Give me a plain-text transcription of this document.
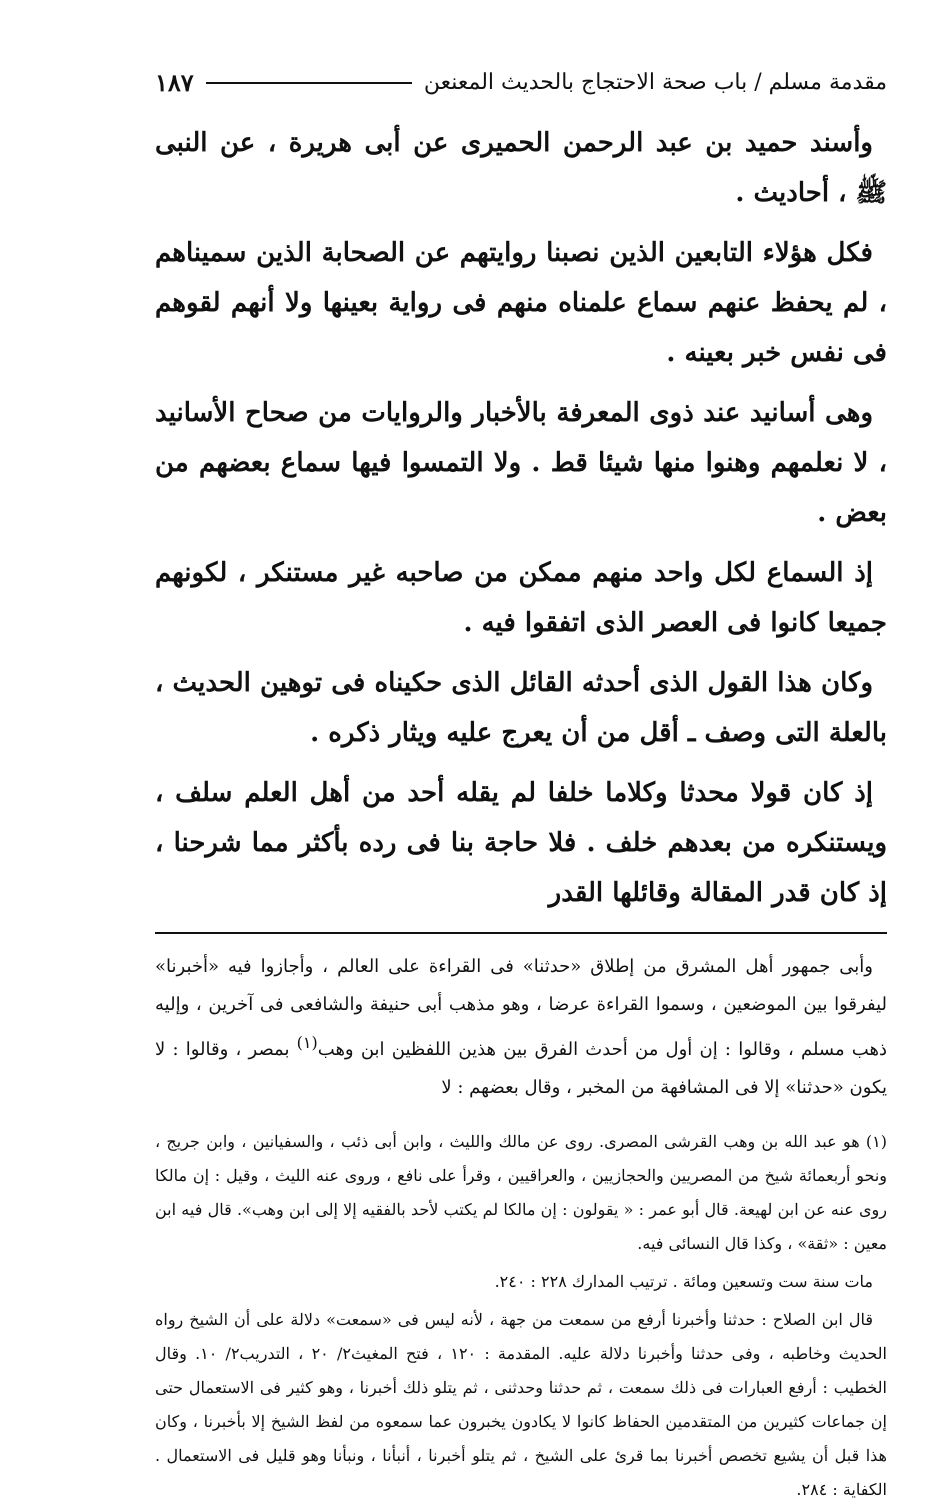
مقدمة مسلم / باب صحة الاحتجاج بالحديث المعنعن
١٨٧

وأسند حميد بن عبد الرحمن الحميرى عن أبى هريرة ، عن النبى ﷺ ، أحاديث .

فكل هؤلاء التابعين الذين نصبنا روايتهم عن الصحابة الذين سميناهم ، لم يحفظ عنهم سماع علمناه منهم فى رواية بعينها ولا أنهم لقوهم فى نفس خبر بعينه .

وهى أسانيد عند ذوى المعرفة بالأخبار والروايات من صحاح الأسانيد ، لا نعلمهم وهنوا منها شيئا قط . ولا التمسوا فيها سماع بعضهم من بعض .

إذ السماع لكل واحد منهم ممكن من صاحبه غير مستنكر ، لكونهم جميعا كانوا فى العصر الذى اتفقوا فيه .

وكان هذا القول الذى أحدثه القائل الذى حكيناه فى توهين الحديث ، بالعلة التى وصف ـ أقل من أن يعرج عليه ويثار ذكره .

إذ كان قولا محدثا وكلاما خلفا لم يقله أحد من أهل العلم سلف ، ويستنكره من بعدهم خلف . فلا حاجة بنا فى رده بأكثر مما شرحنا ، إذ كان قدر المقالة وقائلها القدر

وأبى جمهور أهل المشرق من إطلاق «حدثنا» فى القراءة على العالم ، وأجازوا فيه «أخبرنا» ليفرقوا بين الموضعين ، وسموا القراءة عرضا ، وهو مذهب أبى حنيفة والشافعى فى آخرين ، وإليه ذهب مسلم ، وقالوا : إن أول من أحدث الفرق بين هذين اللفظين ابن وهب$^{(١)}$ بمصر ، وقالوا : لا يكون «حدثنا» إلا فى المشافهة من المخبر ، وقال بعضهم : لا

(١) هو عبد الله بن وهب القرشى المصرى. روى عن مالك والليث ، وابن أبى ذئب ، والسفيانين ، وابن جريج ، ونحو أربعمائة شيخ من المصريين والحجازيين ، والعراقيين ، وقرأ على نافع ، وروى عنه الليث ، وقيل : إن مالكا روى عنه عن ابن لهيعة. قال أبو عمر : « يقولون : إن مالكا لم يكتب لأحد بالفقيه إلا إلى ابن وهب». قال فيه ابن معين : «ثقة» ، وكذا قال النسائى فيه.

مات سنة ست وتسعين ومائة . ترتيب المدارك ٢٢٨ : ٢٤٠.

قال ابن الصلاح : حدثنا وأخبرنا أرفع من سمعت من جهة ، لأنه ليس فى «سمعت» دلالة على أن الشيخ رواه الحديث وخاطبه ، وفى حدثنا وأخبرنا دلالة عليه. المقدمة : ١٢٠ ، فتح المغيث٢/ ٢٠ ، التدريب٢/ ١٠. وقال الخطيب : أرفع العبارات فى ذلك سمعت ، ثم حدثنا وحدثنى ، ثم يتلو ذلك أخبرنا ، وهو كثير فى الاستعمال حتى إن جماعات كثيرين من المتقدمين الحفاظ كانوا لا يكادون يخبرون عما سمعوه من لفظ الشيخ إلا بأخبرنا ، وكان هذا قبل أن يشيع تخصص أخبرنا بما قرئ على الشيخ ، ثم يتلو أخبرنا ، أنبأنا ، ونبأنا وهو قليل فى الاستعمال . الكفاية : ٢٨٤.
